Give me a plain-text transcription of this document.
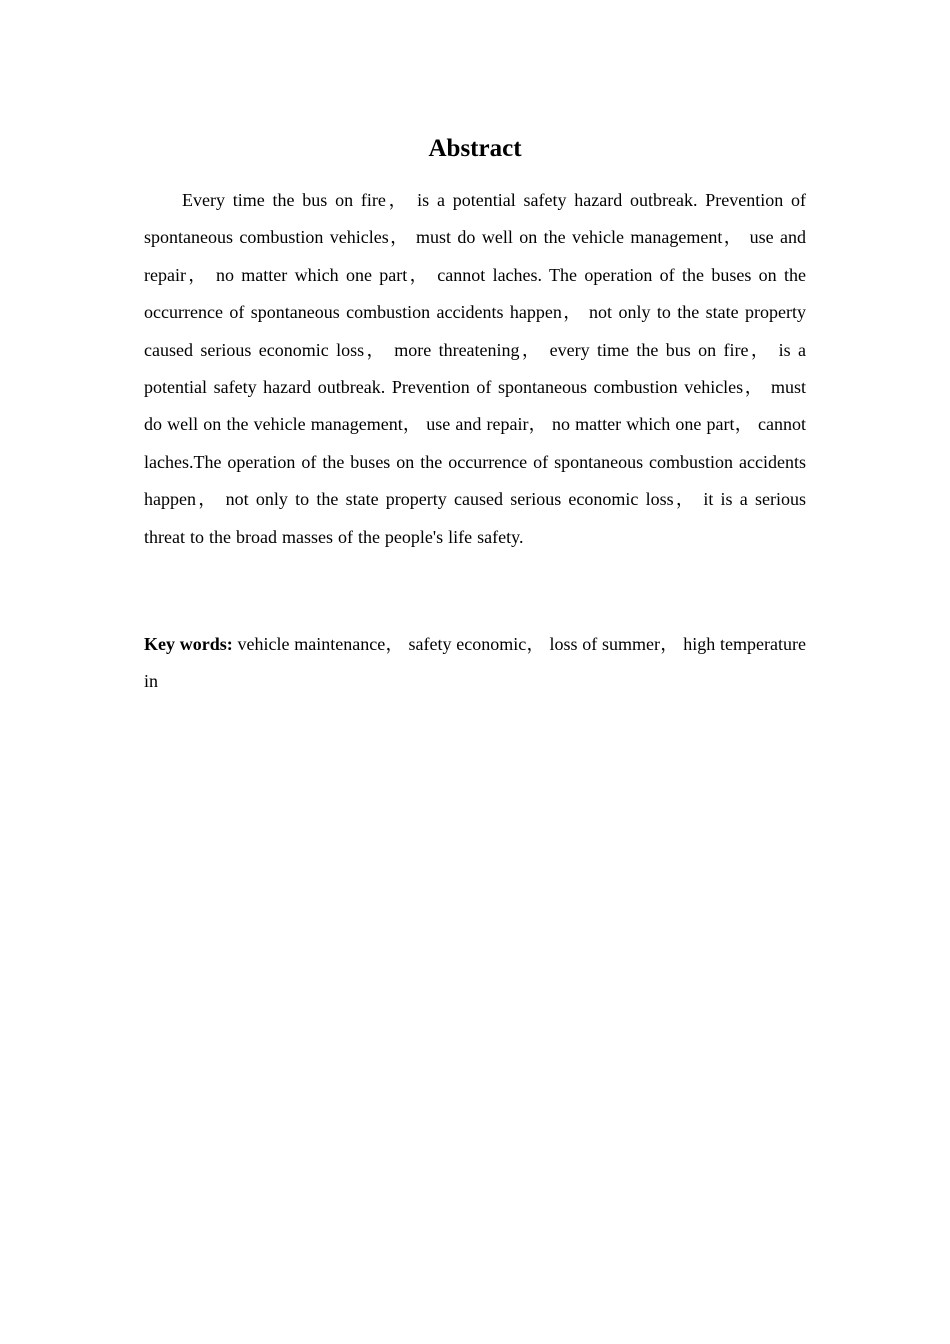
Abstract

Every time the bus on fire， is a potential safety hazard outbreak. Prevention of spontaneous combustion vehicles， must do well on the vehicle management， use and repair， no matter which one part， cannot laches. The operation of the buses on the occurrence of spontaneous combustion accidents happen， not only to the state property caused serious economic loss， more threatening， every time the bus on fire， is a potential safety hazard outbreak. Prevention of spontaneous combustion vehicles， must do well on the vehicle management， use and repair， no matter which one part， cannot laches.The operation of the buses on the occurrence of spontaneous combustion accidents happen， not only to the state property caused serious economic loss， it is a serious threat to the broad masses of the people's life safety.

Key words: vehicle maintenance， safety economic， loss of summer， high temperature in
